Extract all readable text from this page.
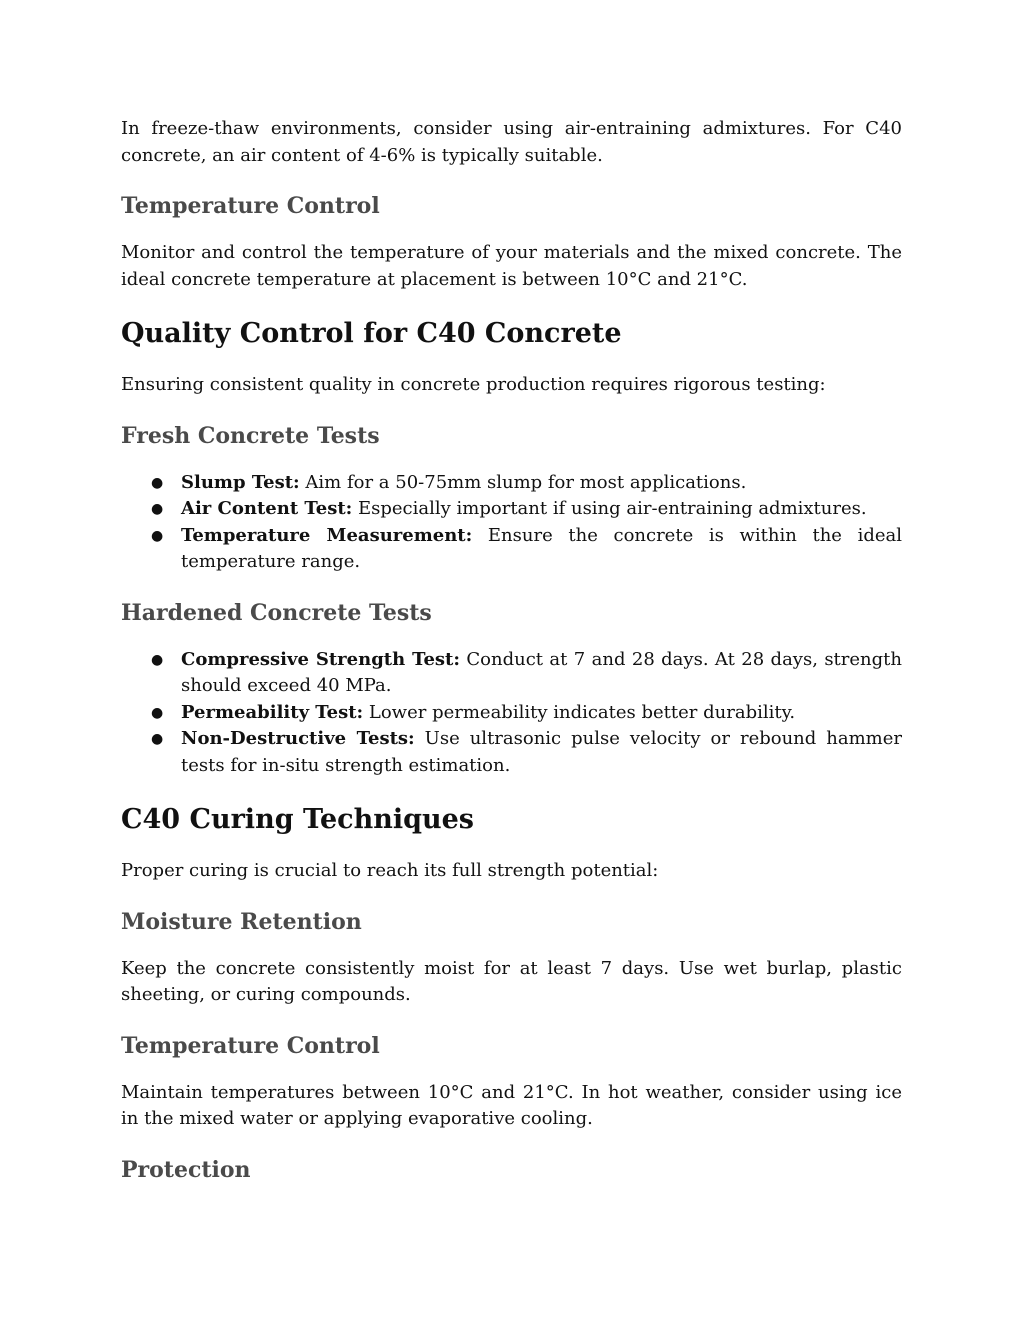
In freeze-thaw environments, consider using air-entraining admixtures. For C40 concrete, an air content of 4-6% is typically suitable.

Temperature Control

Monitor and control the temperature of your materials and the mixed concrete. The ideal concrete temperature at placement is between 10°C and 21°C.

Quality Control for C40 Concrete

Ensuring consistent quality in concrete production requires rigorous testing:

Fresh Concrete Tests
● Slump Test: Aim for a 50-75mm slump for most applications.
● Air Content Test: Especially important if using air-entraining admixtures.
● Temperature Measurement: Ensure the concrete is within the ideal temperature range.
Hardened Concrete Tests
● Compressive Strength Test: Conduct at 7 and 28 days. At 28 days, strength should exceed 40 MPa.
● Permeability Test: Lower permeability indicates better durability.
● Non-Destructive Tests: Use ultrasonic pulse velocity or rebound hammer tests for in-situ strength estimation.
C40 Curing Techniques

Proper curing is crucial to reach its full strength potential:

Moisture Retention

Keep the concrete consistently moist for at least 7 days. Use wet burlap, plastic sheeting, or curing compounds.

Temperature Control

Maintain temperatures between 10°C and 21°C. In hot weather, consider using ice in the mixed water or applying evaporative cooling.

Protection
